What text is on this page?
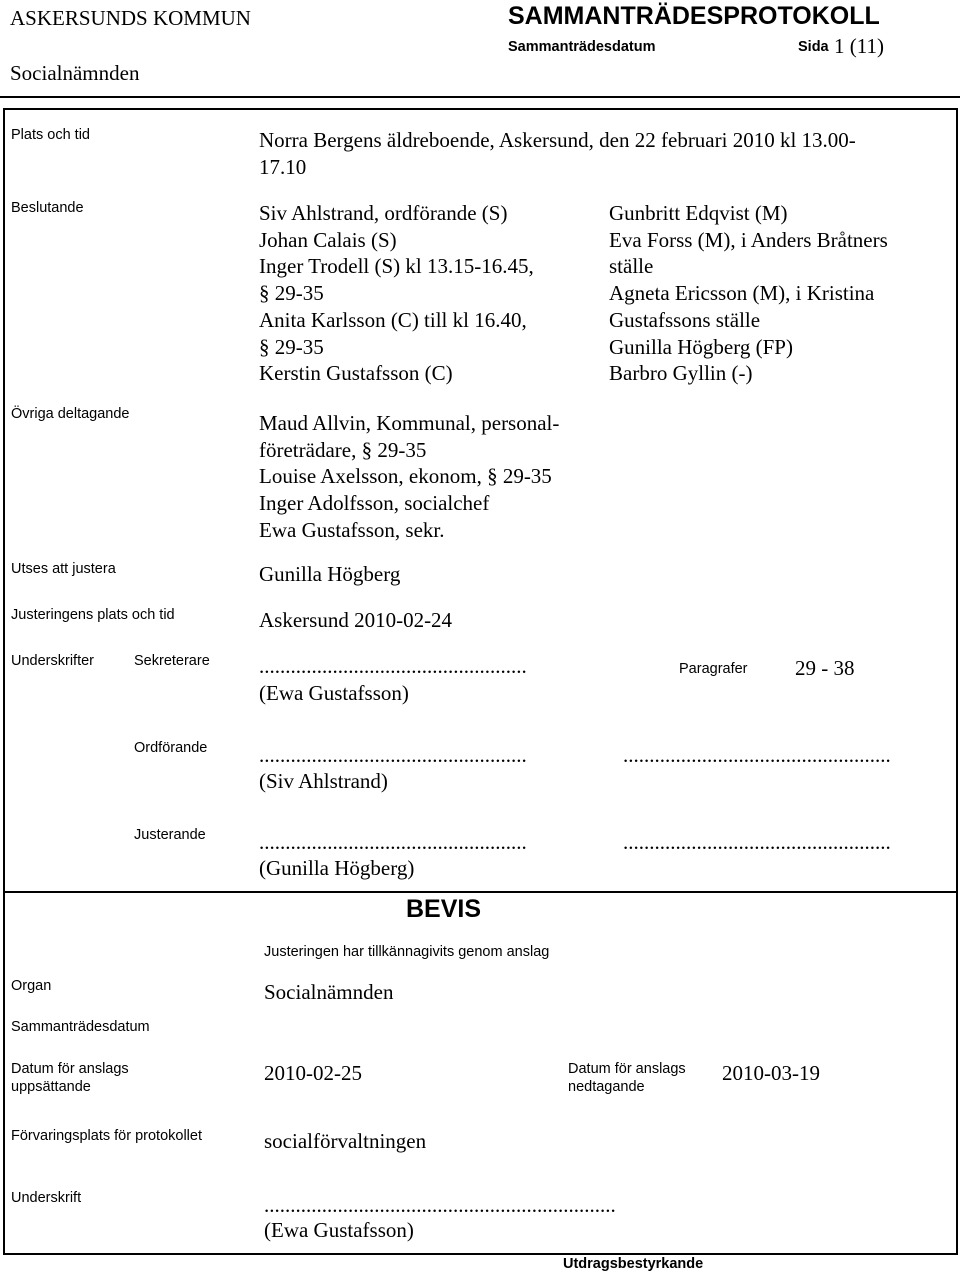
ASKERSUNDS KOMMUN
Socialnämnden
SAMMANTRÄDESPROTOKOLL
Sammanträdesdatum	Sida 1 (11)
Plats och tid	Norra Bergens äldreboende, Askersund, den 22 februari 2010 kl 13.00-
17.10
Beslutande	Siv Ahlstrand, ordförande (S)
Johan Calais (S)
Inger Trodell (S) kl 13.15-16.45,
§ 29-35
Anita Karlsson (C) till kl 16.40,
§ 29-35
Kerstin Gustafsson (C)
Gunbritt Edqvist (M)
Eva Forss (M), i Anders Bråtners
ställe
Agneta Ericsson (M), i Kristina
Gustafssons ställe
Gunilla Högberg (FP)
Barbro Gyllin (-)
Övriga deltagande	Maud Allvin, Kommunal, personal-
företrädare, § 29-35
Louise Axelsson, ekonom, § 29-35
Inger Adolfsson, socialchef
Ewa Gustafsson, sekr.
Utses att justera	Gunilla Högberg
Justeringens plats och tid	Askersund 2010-02-24
Underskrifter	Sekreterare ...................................................
(Ewa Gustafsson)
Paragrafer 29 - 38
Ordförande ...................................................	...................................................
(Siv Ahlstrand)
Justerande	...................................................	...................................................
(Gunilla Högberg)
BEVIS
Justeringen har tillkännagivits genom anslag
Organ	Socialnämnden
Sammanträdesdatum
Datum för anslags
uppsättande
2010-02-25	Datum för anslags
nedtagande
2010-03-19
Förvaringsplats för protokollet	socialförvaltningen
Underskrift	...................................................................
(Ewa Gustafsson)
Utdragsbestyrkande
